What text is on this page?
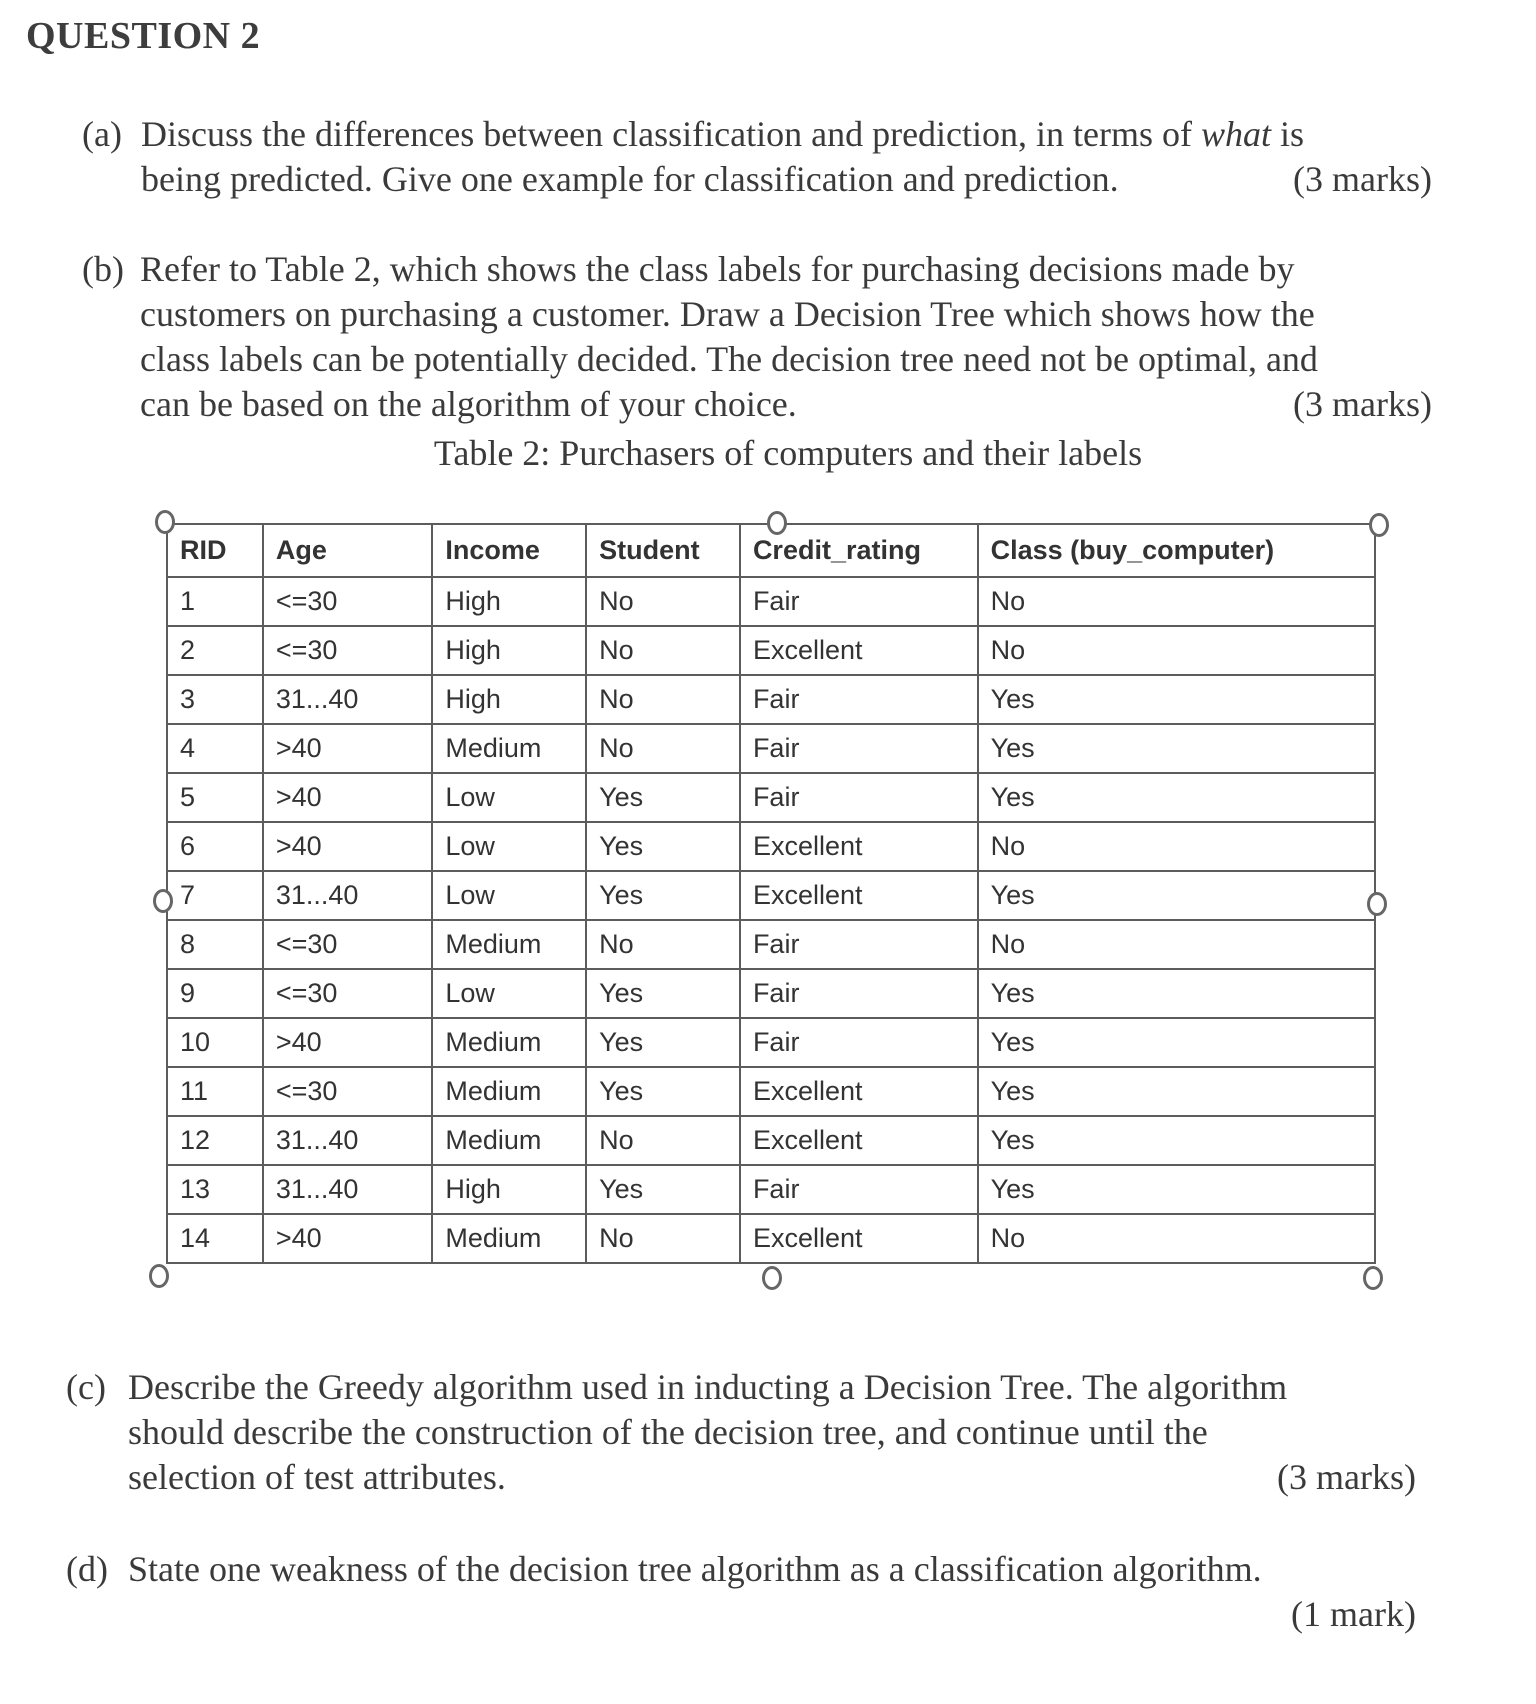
QUESTION 2
(a) Discuss the differences between classification and prediction, in terms of what is
being predicted. Give one example for classification and prediction.	(3 marks)
(b) Refer to Table 2, which shows the class labels for purchasing decisions made by
customers on purchasing a customer. Draw a Decision Tree which shows how the
class labels can be potentially decided. The decision tree need not be optimal, and
can be based on the algorithm of your choice.	(3 marks)
Table 2: Purchasers of computers and their labels
RID	Age	Income	Student	Credit_rating	Class (buy_computer)
1	<=30	High	No	Fair	No
2	<=30	High	No	Excellent	No
3	31...40	High	No	Fair	Yes
4	>40	Medium	No	Fair	Yes
5	>40	Low	Yes	Fair	Yes
6	>40	Low	Yes	Excellent	No
7	31...40	Low	Yes	Excellent	Yes
8	<=30	Medium	No	Fair	No
9	<=30	Low	Yes	Fair	Yes
10	>40	Medium	Yes	Fair	Yes
11	<=30	Medium	Yes	Excellent	Yes
12	31...40	Medium	No	Excellent	Yes
13	31...40	High	Yes	Fair	Yes
14	>40	Medium	No	Excellent	No
(c) Describe the Greedy algorithm used in inducting a Decision Tree. The algorithm
should describe the construction of the decision tree, and continue until the
selection of test attributes.	(3 marks)
(d) State one weakness of the decision tree algorithm as a classification algorithm.

(1 mark)
